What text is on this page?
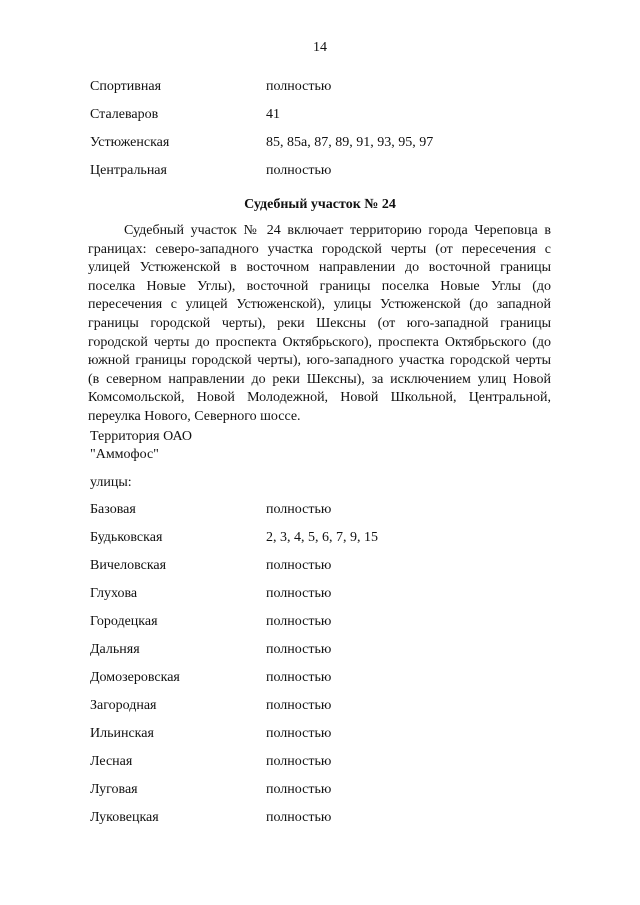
14
Спортивная	полностью
Сталеваров	41
Устюженская	85, 85а, 87, 89, 91, 93, 95, 97
Центральная	полностью
Судебный участок № 24

Судебный участок № 24 включает территорию города Череповца в границах: северо-западного участка городской черты (от пересечения с улицей Устюженской в восточном направлении до восточной границы поселка Новые Углы), восточной границы поселка Новые Углы (до пересечения с улицей Устюженской), улицы Устюженской (до западной границы городской черты), реки Шексны (от юго-западной границы городской черты до проспекта Октябрьского), проспекта Октябрьского (до южной границы городской черты), юго-западного участка городской черты (в северном направлении до реки Шексны), за исключением улиц Новой Комсомольской, Новой Молодежной, Новой Школьной, Центральной, переулка Нового, Северного шоссе.

Территория ОАО
"Аммофос"
улицы:
Базовая	полностью
Будьковская	2, 3, 4, 5, 6, 7, 9, 15
Вичеловская	полностью
Глухова	полностью
Городецкая	полностью
Дальняя	полностью
Домозеровская	полностью
Загородная	полностью
Ильинская	полностью
Лесная	полностью
Луговая	полностью
Луковецкая	полностью
